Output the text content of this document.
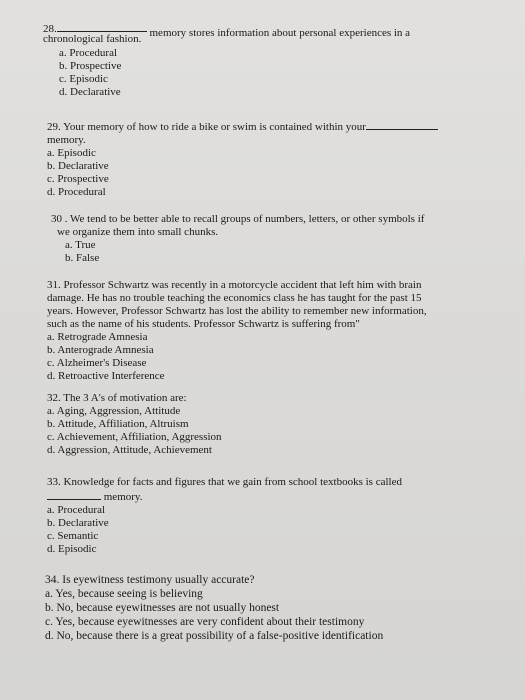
28.	memory stores information about personal experiences in a

chronological fashion.

a. Procedural

b. Prospective

c. Episodic

d. Declarative

29. Your memory of how to ride a bike or swim is contained within your

memory.

a. Episodic

b. Declarative

c. Prospective

d. Procedural

30 . We tend to be better able to recall groups of numbers, letters, or other symbols if

we organize them into small chunks.

a. True

b. False

31. Professor Schwartz was recently in a motorcycle accident that left him with brain

damage. He has no trouble teaching the economics class he has taught for the past 15

years. However, Professor Schwartz has lost the ability to remember new information,

such as the name of his students. Professor Schwartz is suffering from"

a. Retrograde Amnesia

b. Anterograde Amnesia

c. Alzheimer's Disease

d. Retroactive Interference

32. The 3 A's of motivation are:

a. Aging, Aggression, Attitude

b. Attitude, Affiliation, Altruism

c. Achievement, Affiliation, Aggression

d. Aggression, Attitude, Achievement

33. Knowledge for facts and figures that we gain from school textbooks is called

memory.

a. Procedural

b. Declarative

c. Semantic

d. Episodic

34. Is eyewitness testimony usually accurate?

a. Yes, because seeing is believing

b. No, because eyewitnesses are not usually honest

c. Yes, because eyewitnesses are very confident about their testimony

d. No, because there is a great possibility of a false-positive identification
